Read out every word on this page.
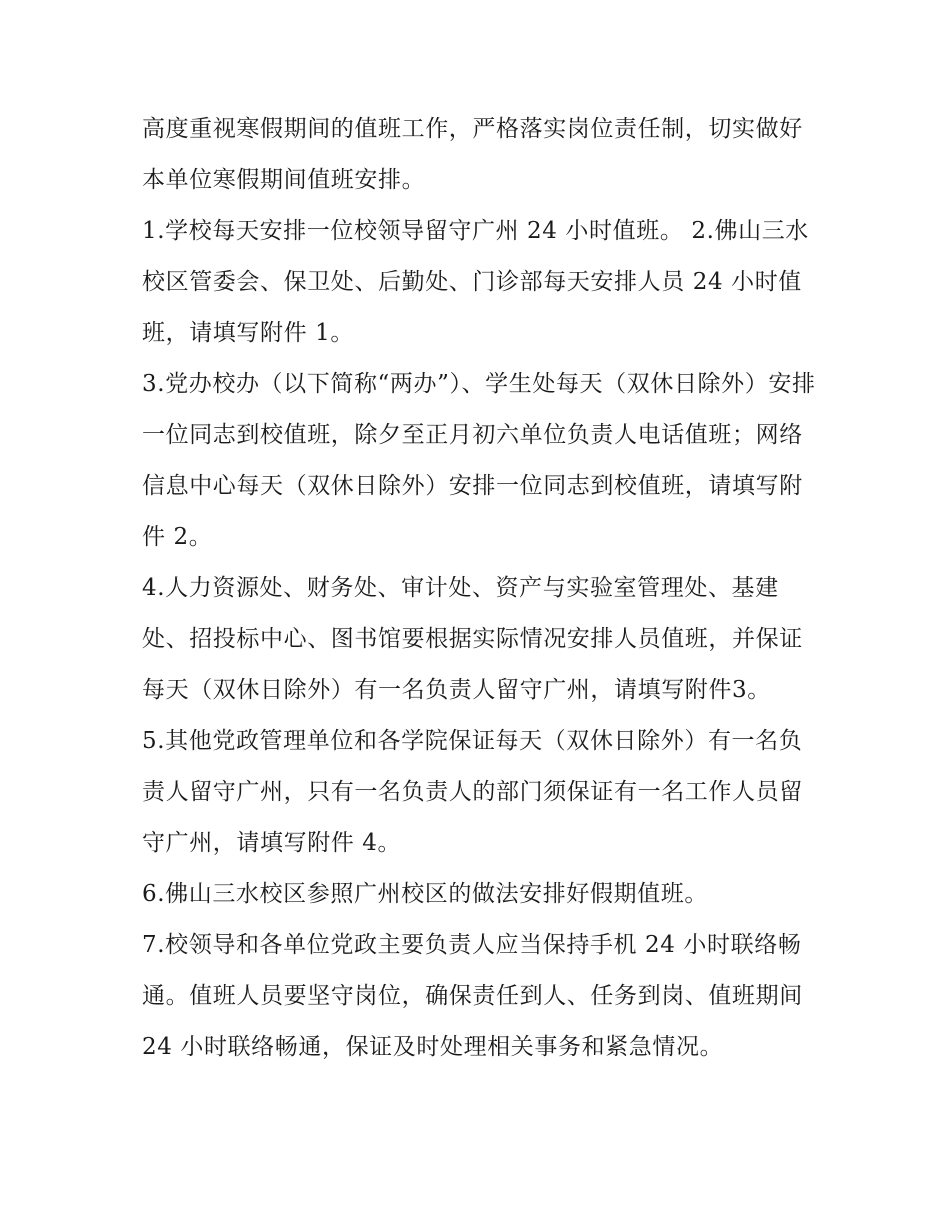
高度重视寒假期间的值班工作，严格落实岗位责任制，切实做好本单位寒假期间值班安排。

1.学校每天安排一位校领导留守广州 24 小时值班。 2.佛山三水校区管委会、保卫处、后勤处、门诊部每天安排人员 24 小时值班，请填写附件 1。

3.党办校办（以下简称“两办”）、学生处每天（双休日除外）安排一位同志到校值班，除夕至正月初六单位负责人电话值班；网络信息中心每天（双休日除外）安排一位同志到校值班，请填写附件 2。

4.人力资源处、财务处、审计处、资产与实验室管理处、基建处、招投标中心、图书馆要根据实际情况安排人员值班，并保证每天（双休日除外）有一名负责人留守广州，请填写附件3。

5.其他党政管理单位和各学院保证每天（双休日除外）有一名负责人留守广州，只有一名负责人的部门须保证有一名工作人员留守广州，请填写附件 4。

6.佛山三水校区参照广州校区的做法安排好假期值班。

7.校领导和各单位党政主要负责人应当保持手机 24 小时联络畅通。值班人员要坚守岗位，确保责任到人、任务到岗、值班期间 24 小时联络畅通，保证及时处理相关事务和紧急情况。
